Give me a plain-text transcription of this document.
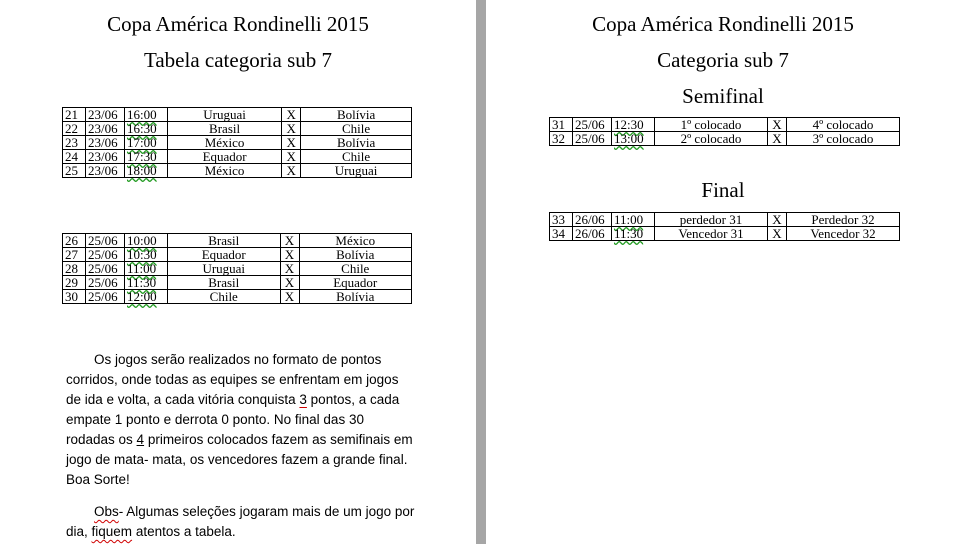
Copa América Rondinelli 2015
Tabela categoria sub 7
21	23/06	16:00	Uruguai	X	Bolívia
22	23/06	16:30	Brasil	X	Chile
23	23/06	17:00	México	X	Bolívia
24	23/06	17:30	Equador	X	Chile
25	23/06	18:00	México	X	Uruguai
26	25/06	10:00	Brasil	X	México
27	25/06	10:30	Equador	X	Bolívia
28	25/06	11:00	Uruguai	X	Chile
29	25/06	11:30	Brasil	X	Equador
30	25/06	12:00	Chile	X	Bolívia
Os jogos serão realizados no formato de pontos
corridos, onde todas as equipes se enfrentam em jogos
de ida e volta, a cada vitória conquista 3 pontos, a cada
empate 1 ponto e derrota 0 ponto. No final das 30
rodadas os 4 primeiros colocados fazem as semifinais em
jogo de mata- mata, os vencedores fazem a grande final.
Boa Sorte!
Obs- Algumas seleções jogaram mais de um jogo por
dia, fiquem atentos a tabela.
Copa América Rondinelli 2015
Categoria sub 7
Semifinal
31	25/06	12:30	1º colocado	X	4º colocado
32	25/06	13:00	2º colocado	X	3º colocado
Final
33	26/06	11:00	perdedor 31	X	Perdedor 32
34	26/06	11:30	Vencedor 31	X	Vencedor 32
